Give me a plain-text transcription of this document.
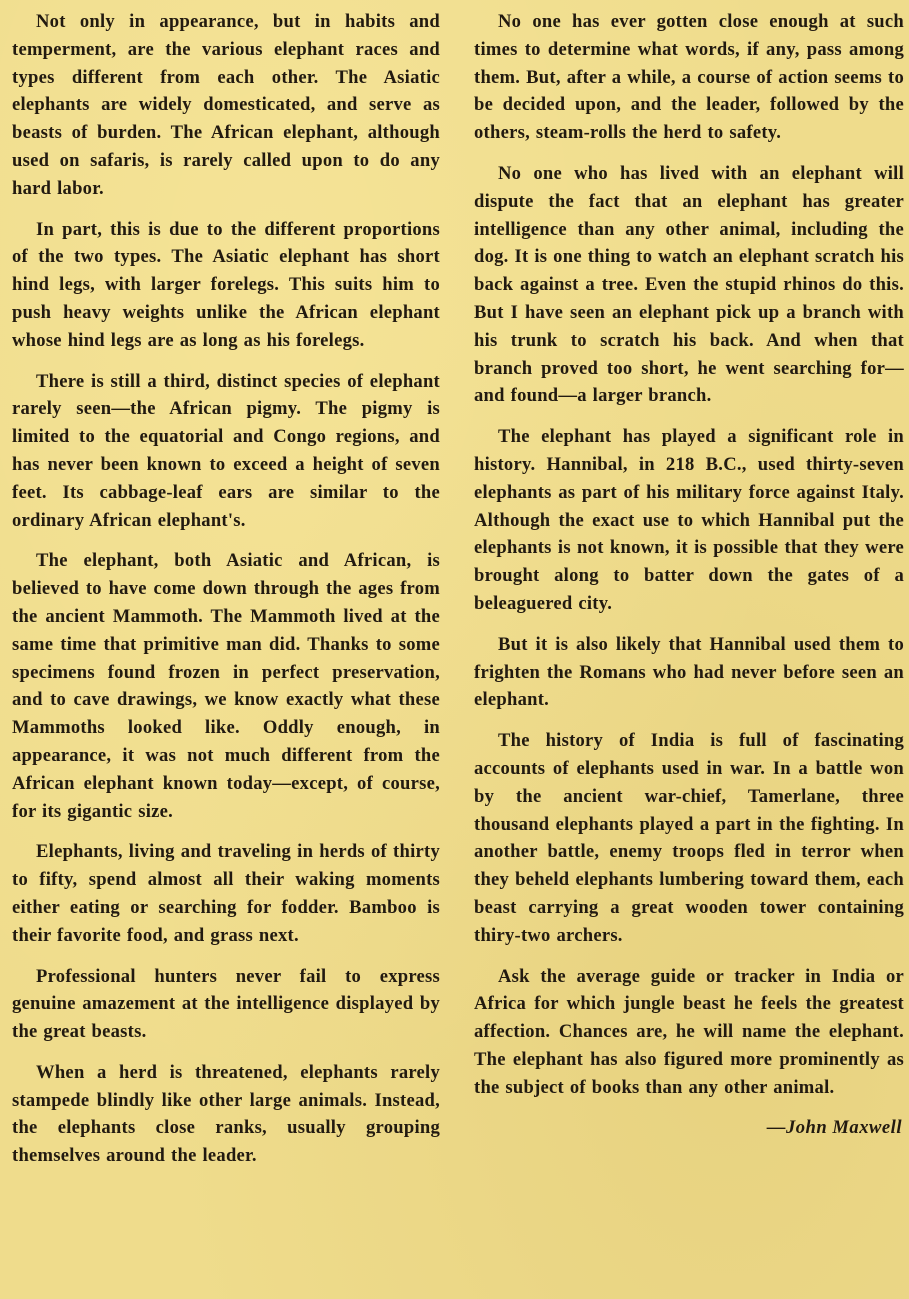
Not only in appearance, but in habits and temperment, are the various elephant races and types different from each other. The Asiatic elephants are widely domesticated, and serve as beasts of burden. The African elephant, although used on safaris, is rarely called upon to do any hard labor.

In part, this is due to the different proportions of the two types. The Asiatic elephant has short hind legs, with larger forelegs. This suits him to push heavy weights unlike the African elephant whose hind legs are as long as his forelegs.

There is still a third, distinct species of elephant rarely seen—the African pigmy. The pigmy is limited to the equatorial and Congo regions, and has never been known to exceed a height of seven feet. Its cabbage-leaf ears are similar to the ordinary African elephant's.

The elephant, both Asiatic and African, is believed to have come down through the ages from the ancient Mammoth. The Mammoth lived at the same time that primitive man did. Thanks to some specimens found frozen in perfect preservation, and to cave drawings, we know exactly what these Mammoths looked like. Oddly enough, in appearance, it was not much different from the African elephant known today—except, of course, for its gigantic size.

Elephants, living and traveling in herds of thirty to fifty, spend almost all their waking moments either eating or searching for fodder. Bamboo is their favorite food, and grass next.

Professional hunters never fail to express genuine amazement at the intelligence displayed by the great beasts.

When a herd is threatened, elephants rarely stampede blindly like other large animals. Instead, the elephants close ranks, usually grouping themselves around the leader.

No one has ever gotten close enough at such times to determine what words, if any, pass among them. But, after a while, a course of action seems to be decided upon, and the leader, followed by the others, steam-rolls the herd to safety.

No one who has lived with an elephant will dispute the fact that an elephant has greater intelligence than any other animal, including the dog. It is one thing to watch an elephant scratch his back against a tree. Even the stupid rhinos do this. But I have seen an elephant pick up a branch with his trunk to scratch his back. And when that branch proved too short, he went searching for—and found—a larger branch.

The elephant has played a significant role in history. Hannibal, in 218 B.C., used thirty-seven elephants as part of his military force against Italy. Although the exact use to which Hannibal put the elephants is not known, it is possible that they were brought along to batter down the gates of a beleaguered city.

But it is also likely that Hannibal used them to frighten the Romans who had never before seen an elephant.

The history of India is full of fascinating accounts of elephants used in war. In a battle won by the ancient war-chief, Tamerlane, three thousand elephants played a part in the fighting. In another battle, enemy troops fled in terror when they beheld elephants lumbering toward them, each beast carrying a great wooden tower containing thiry-two archers.

Ask the average guide or tracker in India or Africa for which jungle beast he feels the greatest affection. Chances are, he will name the elephant. The elephant has also figured more prominently as the subject of books than any other animal.

—John Maxwell
